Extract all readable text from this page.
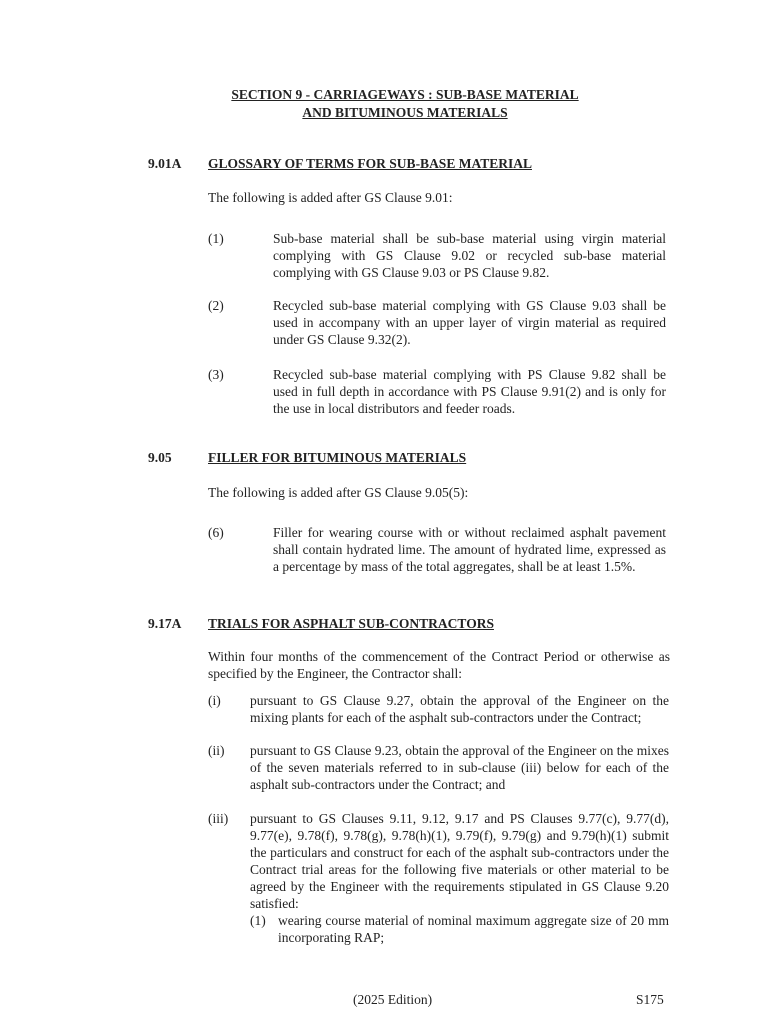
SECTION 9 - CARRIAGEWAYS : SUB-BASE MATERIAL
AND BITUMINOUS MATERIALS
9.01A GLOSSARY OF TERMS FOR SUB-BASE MATERIAL
The following is added after GS Clause 9.01:
(1)	Sub-base material shall be sub-base material using virgin material complying with GS Clause 9.02 or recycled sub-base material complying with GS Clause 9.03 or PS Clause 9.82.
(2)	Recycled sub-base material complying with GS Clause 9.03 shall be used in accompany with an upper layer of virgin material as required under GS Clause 9.32(2).
(3)	Recycled sub-base material complying with PS Clause 9.82 shall be used in full depth in accordance with PS Clause 9.91(2) and is only for the use in local distributors and feeder roads.
9.05	FILLER FOR BITUMINOUS MATERIALS
The following is added after GS Clause 9.05(5):
(6)	Filler for wearing course with or without reclaimed asphalt pavement shall contain hydrated lime. The amount of hydrated lime, expressed as a percentage by mass of the total aggregates, shall be at least 1.5%.
9.17A TRIALS FOR ASPHALT SUB-CONTRACTORS
Within four months of the commencement of the Contract Period or otherwise as specified by the Engineer, the Contractor shall:
(i) pursuant to GS Clause 9.27, obtain the approval of the Engineer on the mixing plants for each of the asphalt sub-contractors under the Contract;
(ii) pursuant to GS Clause 9.23, obtain the approval of the Engineer on the mixes of the seven materials referred to in sub-clause (iii) below for each of the asphalt sub-contractors under the Contract; and
(iii) pursuant to GS Clauses 9.11, 9.12, 9.17 and PS Clauses 9.77(c), 9.77(d), 9.77(e), 9.78(f), 9.78(g), 9.78(h)(1), 9.79(f), 9.79(g) and 9.79(h)(1) submit the particulars and construct for each of the asphalt sub-contractors under the Contract trial areas for the following five materials or other material to be agreed by the Engineer with the requirements stipulated in GS Clause 9.20 satisfied:
(1) wearing course material of nominal maximum aggregate size of 20 mm incorporating RAP;
(2025 Edition)	S175
